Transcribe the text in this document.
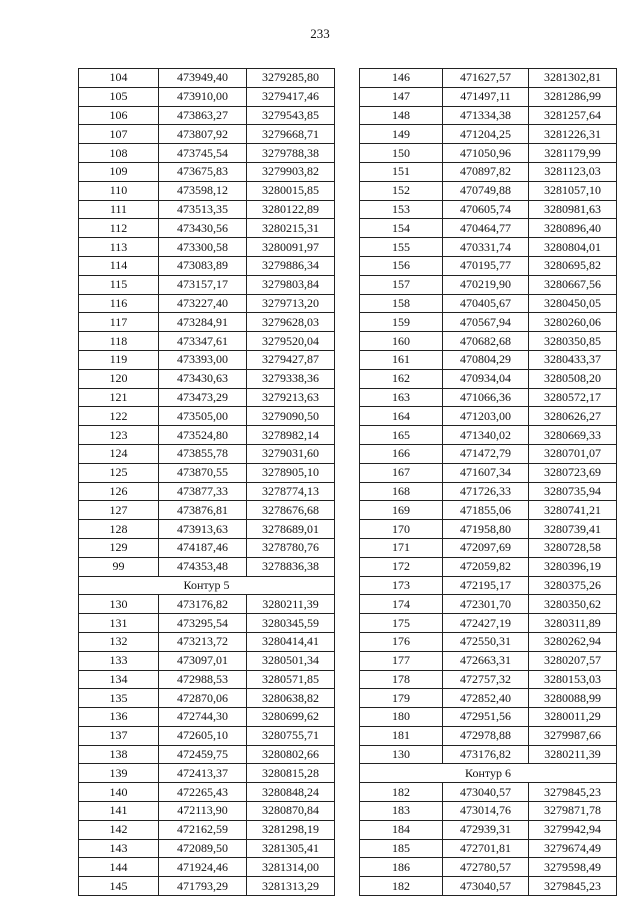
233
104	473949,40	3279285,80
105	473910,00	3279417,46
106	473863,27	3279543,85
107	473807,92	3279668,71
108	473745,54	3279788,38
109	473675,83	3279903,82
110	473598,12	3280015,85
111	473513,35	3280122,89
112	473430,56	3280215,31
113	473300,58	3280091,97
114	473083,89	3279886,34
115	473157,17	3279803,84
116	473227,40	3279713,20
117	473284,91	3279628,03
118	473347,61	3279520,04
119	473393,00	3279427,87
120	473430,63	3279338,36
121	473473,29	3279213,63
122	473505,00	3279090,50
123	473524,80	3278982,14
124	473855,78	3279031,60
125	473870,55	3278905,10
126	473877,33	3278774,13
127	473876,81	3278676,68
128	473913,63	3278689,01
129	474187,46	3278780,76
99	474353,48	3278836,38
Контур 5		
130	473176,82	3280211,39
131	473295,54	3280345,59
132	473213,72	3280414,41
133	473097,01	3280501,34
134	472988,53	3280571,85
135	472870,06	3280638,82
136	472744,30	3280699,62
137	472605,10	3280755,71
138	472459,75	3280802,66
139	472413,37	3280815,28
140	472265,43	3280848,24
141	472113,90	3280870,84
142	472162,59	3281298,19
143	472089,50	3281305,41
144	471924,46	3281314,00
145	471793,29	3281313,29
146	471627,57	3281302,81
147	471497,11	3281286,99
148	471334,38	3281257,64
149	471204,25	3281226,31
150	471050,96	3281179,99
151	470897,82	3281123,03
152	470749,88	3281057,10
153	470605,74	3280981,63
154	470464,77	3280896,40
155	470331,74	3280804,01
156	470195,77	3280695,82
157	470219,90	3280667,56
158	470405,67	3280450,05
159	470567,94	3280260,06
160	470682,68	3280350,85
161	470804,29	3280433,37
162	470934,04	3280508,20
163	471066,36	3280572,17
164	471203,00	3280626,27
165	471340,02	3280669,33
166	471472,79	3280701,07
167	471607,34	3280723,69
168	471726,33	3280735,94
169	471855,06	3280741,21
170	471958,80	3280739,41
171	472097,69	3280728,58
172	472059,82	3280396,19
173	472195,17	3280375,26
174	472301,70	3280350,62
175	472427,19	3280311,89
176	472550,31	3280262,94
177	472663,31	3280207,57
178	472757,32	3280153,03
179	472852,40	3280088,99
180	472951,56	3280011,29
181	472978,88	3279987,66
130	473176,82	3280211,39
Контур 6		
182	473040,57	3279845,23
183	473014,76	3279871,78
184	472939,31	3279942,94
185	472701,81	3279674,49
186	472780,57	3279598,49
182	473040,57	3279845,23
